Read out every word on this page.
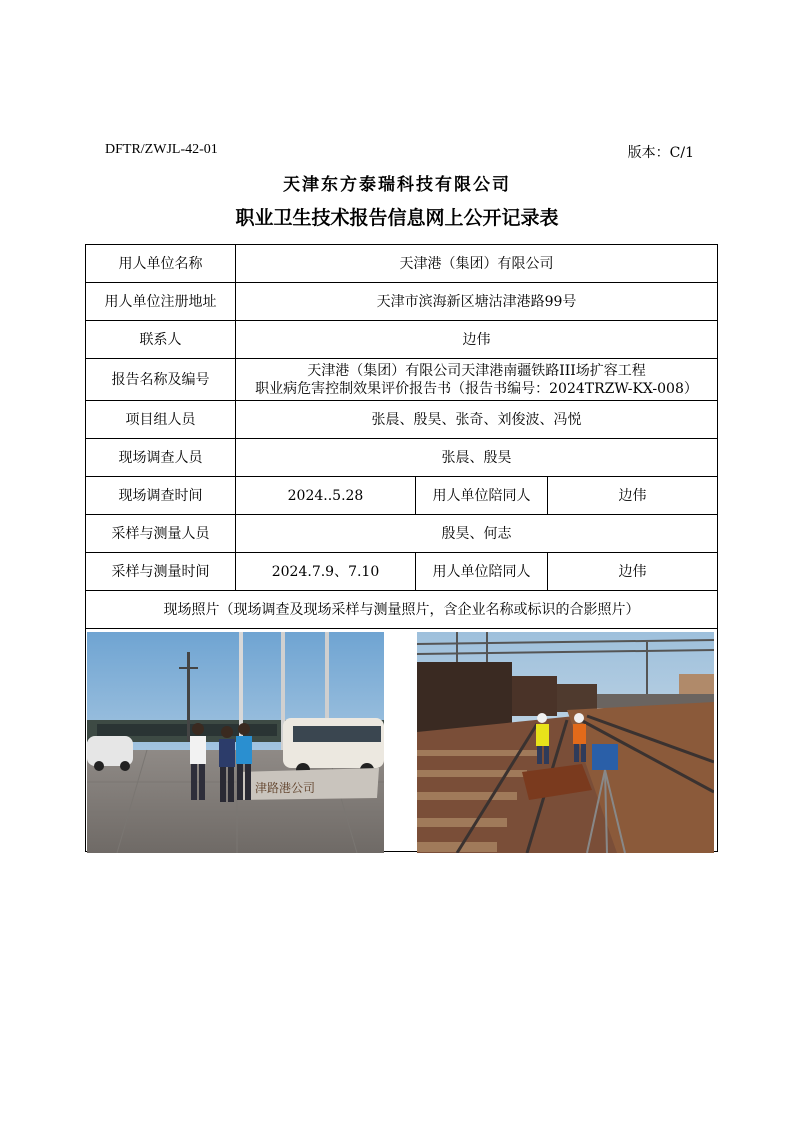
DFTR/ZWJL-42-01	版本：C/1
天津东方泰瑞科技有限公司
职业卫生技术报告信息网上公开记录表
用人单位名称	天津港（集团）有限公司		
用人单位注册地址	天津市滨海新区塘沽津港路99号		
联系人	边伟		
报告名称及编号	天津港（集团）有限公司天津港南疆铁路III场扩容工程
职业病危害控制效果评价报告书（报告书编号：2024TRZW-KX-008）		

项目组人员	张晨、殷昊、张奇、刘俊波、冯悦		
现场调查人员	张晨、殷昊		
现场调查时间	2024..5.28	用人单位陪同人	边伟
采样与测量人员	殷昊、何志		
采样与测量时间	2024.7.9、7.10	用人单位陪同人	边伟
现场照片（现场调查及现场采样与测量照片，含企业名称或标识的合影照片）			

津路港公司
